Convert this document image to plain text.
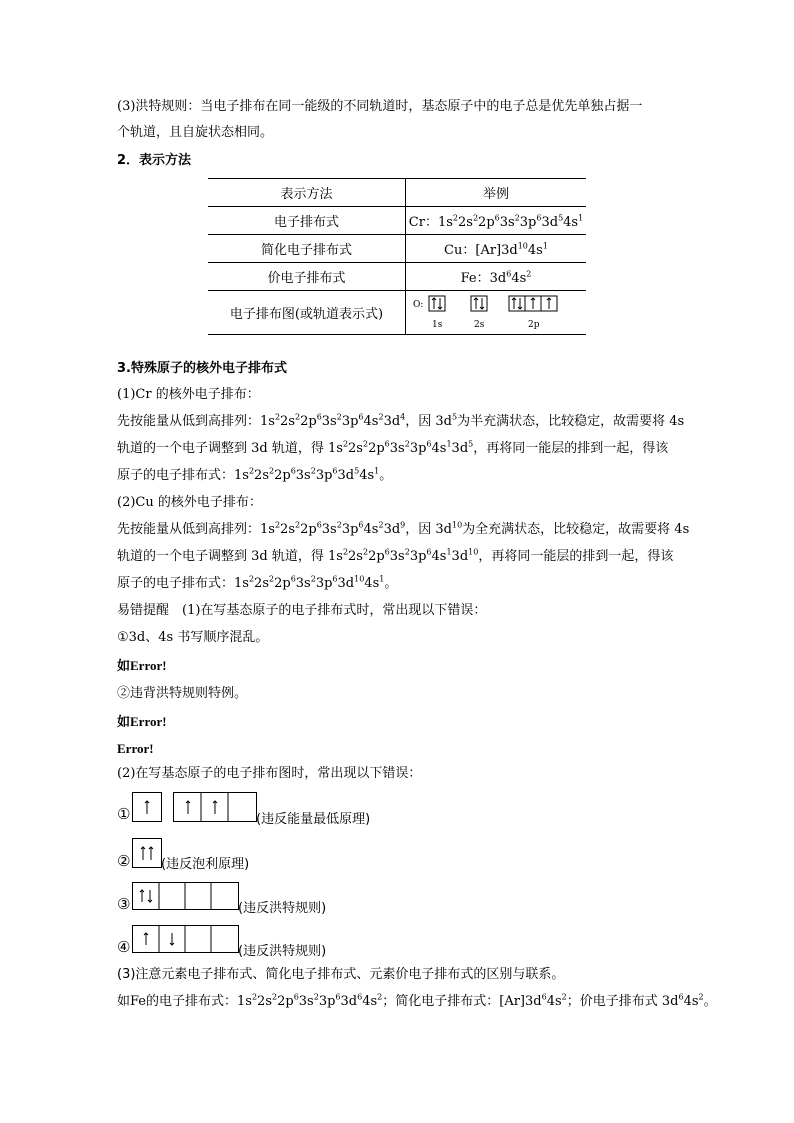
(3)洪特规则：当电子排布在同一能级的不同轨道时，基态原子中的电子总是优先单独占据一
个轨道，且自旋状态相同。
2．表示方法
表示方法	举例
电子排布式	Cr：$1s^22s^22p^63s^23p^63d^54s^1$
简化电子排布式	Cu：$[Ar]3d^{10}4s^1$
价电子排布式	Fe：$3d^64s^2$
电子排布图(或轨道表示式)	O:
1s 2s 2p
3.特殊原子的核外电子排布式
(1)Cr 的核外电子排布：
先按能量从低到高排列：$1s^22s^22p^63s^23p^64s^23d^4$，因 $3d^5$为半充满状态，比较稳定，故需要将 4s
轨道的一个电子调整到 3d 轨道，得 $1s^22s^22p^63s^23p^64s^13d^5$，再将同一能层的排到一起，得该
原子的电子排布式：$1s^22s^22p^63s^23p^63d^54s^1$。
(2)Cu 的核外电子排布：
先按能量从低到高排列：$1s^22s^22p^63s^23p^64s^23d^9$，因 $3d^{10}$为全充满状态，比较稳定，故需要将 4s
轨道的一个电子调整到 3d 轨道，得 $1s^22s^22p^63s^23p^64s^13d^{10}$，再将同一能层的排到一起，得该
原子的电子排布式：$1s^22s^22p^63s^23p^63d^{10}4s^1$。
易错提醒　(1)在写基态原子的电子排布式时，常出现以下错误：
①3d、4s 书写顺序混乱。
如Error!
②违背洪特规则特例。
如Error!
Error!
(2)在写基态原子的电子排布图时，常出现以下错误：
①	(违反能量最低原理)
② (违反泡利原理)
③	(违反洪特规则)
④	(违反洪特规则)
(3)注意元素电子排布式、简化电子排布式、元素价电子排布式的区别与联系。
如Fe的电子排布式：$1s^22s^22p^63s^23p^63d^64s^2$；简化电子排布式：$[Ar]3d^64s^2$；价电子排布式 $3d^64s^2$。
